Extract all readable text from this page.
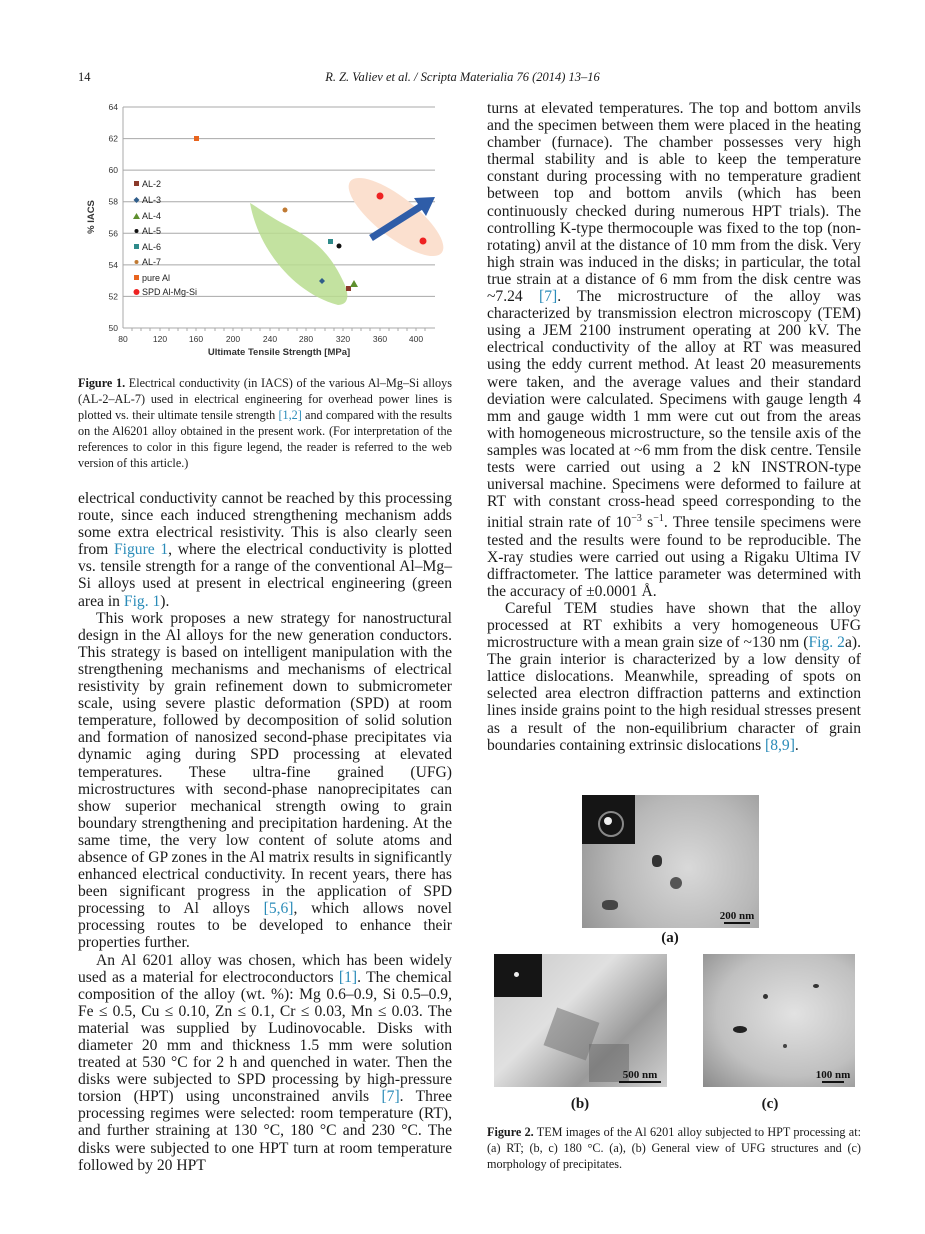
14	R. Z. Valiev et al. / Scripta Materialia 76 (2014) 13–16
64
62
60
58
56
54
52
50
80	120	160	200	240	280	320	360	400
Ultimate Tensile Strength [MPa]
% IACS
AL-2
AL-3
AL-4
AL-5
AL-6
AL-7
pure Al
SPD Al-Mg-Si
Figure 1. Electrical conductivity (in IACS) of the various Al–Mg–Si alloys (AL-2–AL-7) used in electrical engineering for overhead power lines is plotted vs. their ultimate tensile strength [1,2] and compared with the results on the Al6201 alloy obtained in the present work. (For interpretation of the references to color in this figure legend, the reader is referred to the web version of this article.)

electrical conductivity cannot be reached by this processing route, since each induced strengthening mechanism adds some extra electrical resistivity. This is also clearly seen from Figure 1, where the electrical conductivity is plotted vs. tensile strength for a range of the conventional Al–Mg–Si alloys used at present in electrical engineering (green area in Fig. 1).

This work proposes a new strategy for nanostructural design in the Al alloys for the new generation conductors. This strategy is based on intelligent manipulation with the strengthening mechanisms and mechanisms of electrical resistivity by grain refinement down to submicrometer scale, using severe plastic deformation (SPD) at room temperature, followed by decomposition of solid solution and formation of nanosized second-phase precipitates via dynamic aging during SPD processing at elevated temperatures. These ultra-fine grained (UFG) microstructures with second-phase nanoprecipitates can show superior mechanical strength owing to grain boundary strengthening and precipitation hardening. At the same time, the very low content of solute atoms and absence of GP zones in the Al matrix results in significantly enhanced electrical conductivity. In recent years, there has been significant progress in the application of SPD processing to Al alloys [5,6], which allows novel processing routes to be developed to enhance their properties further.

An Al 6201 alloy was chosen, which has been widely used as a material for electroconductors [1]. The chemical composition of the alloy (wt. %): Mg 0.6–0.9, Si 0.5–0.9, Fe ≤ 0.5, Cu ≤ 0.10, Zn ≤ 0.1, Cr ≤ 0.03, Mn ≤ 0.03. The material was supplied by Ludinovocable. Disks with diameter 20 mm and thickness 1.5 mm were solution treated at 530 °C for 2 h and quenched in water. Then the disks were subjected to SPD processing by high-pressure torsion (HPT) using unconstrained anvils [7]. Three processing regimes were selected: room temperature (RT), and further straining at 130 °C, 180 °C and 230 °C. The disks were subjected to one HPT turn at room temperature followed by 20 HPT

turns at elevated temperatures. The top and bottom anvils and the specimen between them were placed in the heating chamber (furnace). The chamber possesses very high thermal stability and is able to keep the temperature constant during processing with no temperature gradient between top and bottom anvils (which has been continuously checked during numerous HPT trials). The controlling K-type thermocouple was fixed to the top (non-rotating) anvil at the distance of 10 mm from the disk. Very high strain was induced in the disks; in particular, the total true strain at a distance of 6 mm from the disk centre was ~7.24 [7]. The microstructure of the alloy was characterized by transmission electron microscopy (TEM) using a JEM 2100 instrument operating at 200 kV. The electrical conductivity of the alloy at RT was measured using the eddy current method. At least 20 measurements were taken, and the average values and their standard deviation were calculated. Specimens with gauge length 4 mm and gauge width 1 mm were cut out from the areas with homogeneous microstructure, so the tensile axis of the samples was located at ~6 mm from the disk centre. Tensile tests were carried out using a 2 kN INSTRON-type universal machine. Specimens were deformed to failure at RT with constant cross-head speed corresponding to the initial strain rate of $10^{-3}$ $s^{-1}$. Three tensile specimens were tested and the results were found to be reproducible. The X-ray studies were carried out using a Rigaku Ultima IV diffractometer. The lattice parameter was determined with the accuracy of ±0.0001 Å.

Careful TEM studies have shown that the alloy processed at RT exhibits a very homogeneous UFG microstructure with a mean grain size of ~130 nm (Fig. 2a). The grain interior is characterized by a low density of lattice dislocations. Meanwhile, spreading of spots on selected area electron diffraction patterns and extinction lines inside grains point to the high residual stresses present as a result of the non-equilibrium character of grain boundaries containing extrinsic dislocations [8,9].

200 nm
(a)
500 nm
(b)
100 nm
(c)
Figure 2. TEM images of the Al 6201 alloy subjected to HPT processing at: (a) RT; (b, c) 180 °C. (a), (b) General view of UFG structures and (c) morphology of precipitates.
